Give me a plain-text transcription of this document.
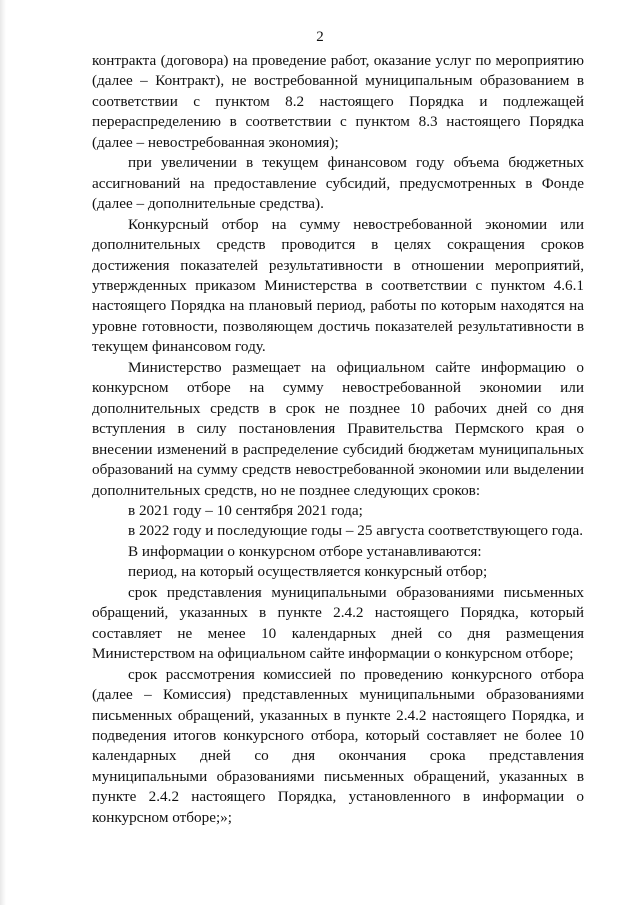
2

контракта (договора) на проведение работ, оказание услуг по мероприятию (далее – Контракт), не востребованной муниципальным образованием в соответствии с пунктом 8.2 настоящего Порядка и подлежащей перераспределению в соответствии с пунктом 8.3 настоящего Порядка (далее – невостребованная экономия);

при увеличении в текущем финансовом году объема бюджетных ассигнований на предоставление субсидий, предусмотренных в Фонде (далее – дополнительные средства).

Конкурсный отбор на сумму невостребованной экономии или дополнительных средств проводится в целях сокращения сроков достижения показателей результативности в отношении мероприятий, утвержденных приказом Министерства в соответствии с пунктом 4.6.1 настоящего Порядка на плановый период, работы по которым находятся на уровне готовности, позволяющем достичь показателей результативности в текущем финансовом году.

Министерство размещает на официальном сайте информацию о конкурсном отборе на сумму невостребованной экономии или дополнительных средств в срок не позднее 10 рабочих дней со дня вступления в силу постановления Правительства Пермского края о внесении изменений в распределение субсидий бюджетам муниципальных образований на сумму средств невостребованной экономии или выделении дополнительных средств, но не позднее следующих сроков:

в 2021 году – 10 сентября 2021 года;

в 2022 году и последующие годы – 25 августа соответствующего года.

В информации о конкурсном отборе устанавливаются:

период, на который осуществляется конкурсный отбор;

срок представления муниципальными образованиями письменных обращений, указанных в пункте 2.4.2 настоящего Порядка, который составляет не менее 10 календарных дней со дня размещения Министерством на официальном сайте информации о конкурсном отборе;

срок рассмотрения комиссией по проведению конкурсного отбора (далее – Комиссия) представленных муниципальными образованиями письменных обращений, указанных в пункте 2.4.2 настоящего Порядка, и подведения итогов конкурсного отбора, который составляет не более 10 календарных дней со дня окончания срока представления муниципальными образованиями письменных обращений, указанных в пункте 2.4.2 настоящего Порядка, установленного в информации о конкурсном отборе;»;
